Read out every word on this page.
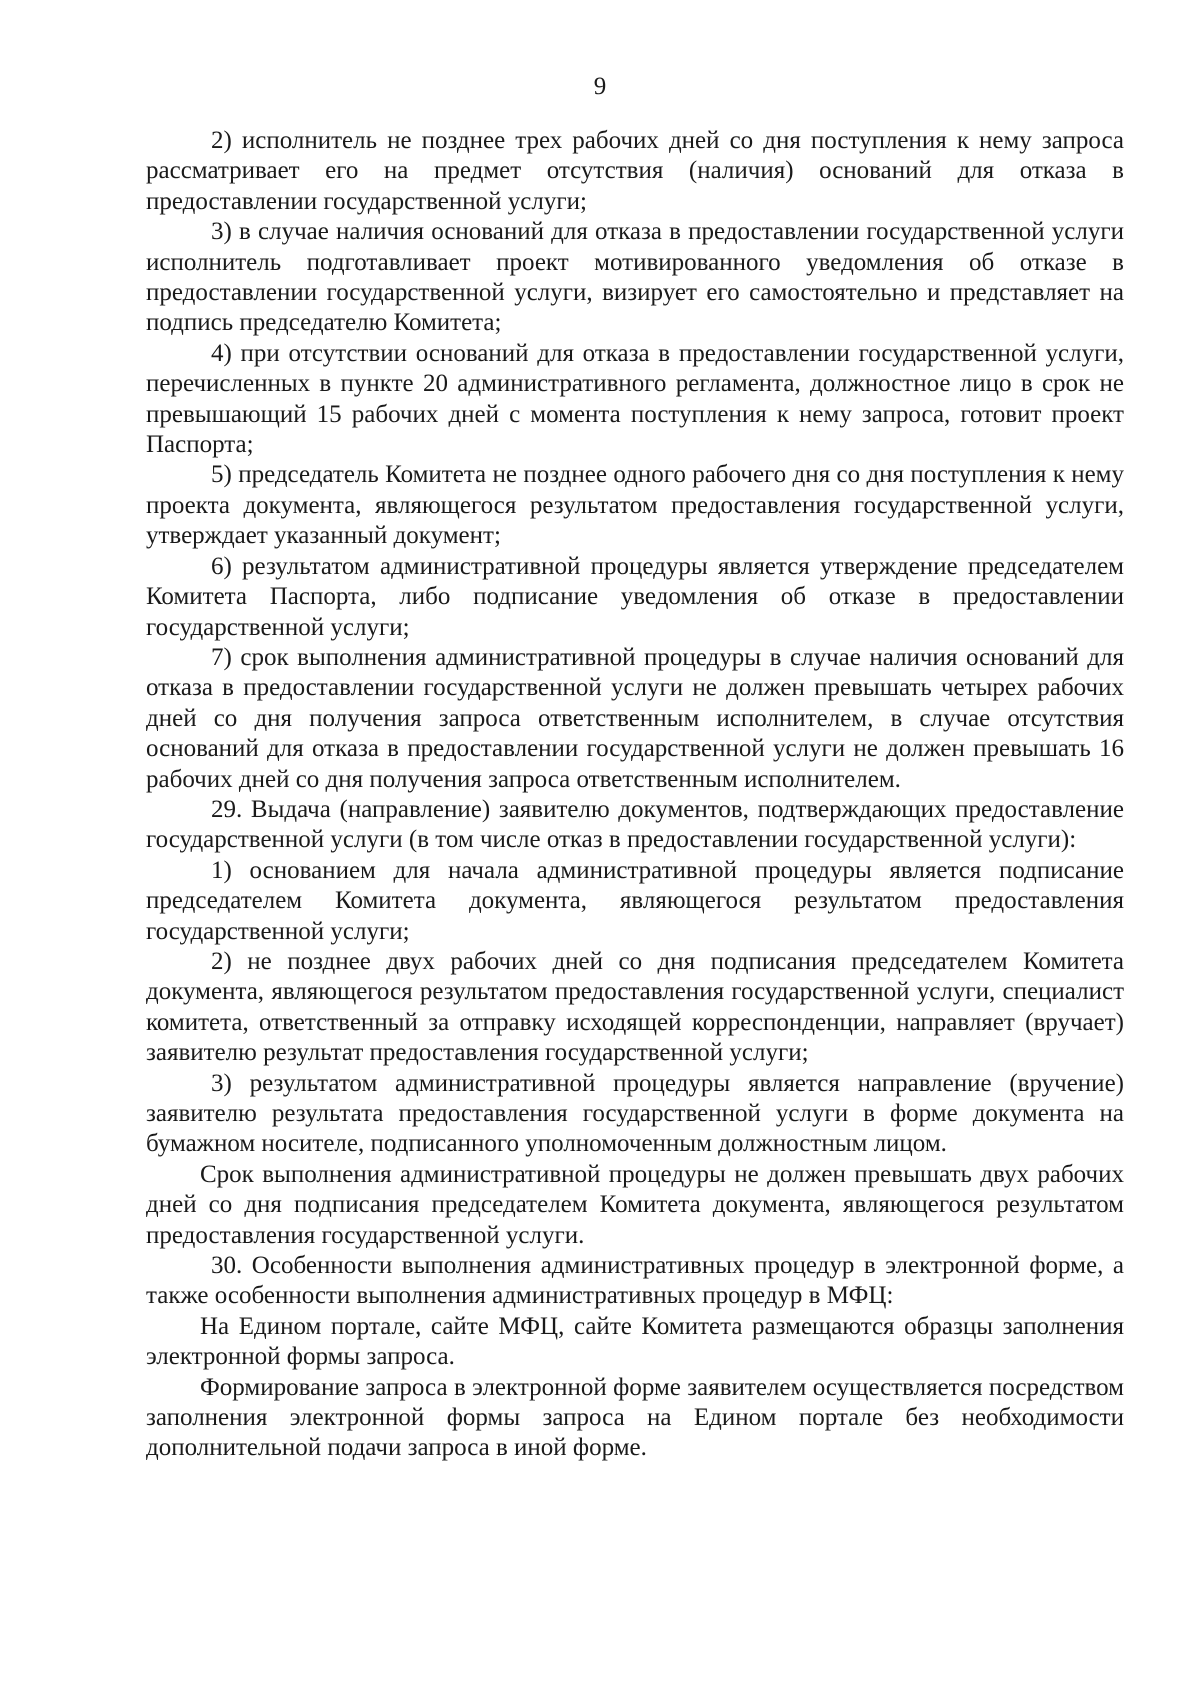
9

2) исполнитель не позднее трех рабочих дней со дня поступления к нему запроса рассматривает его на предмет отсутствия (наличия) оснований для отказа в предоставлении государственной услуги;

3) в случае наличия оснований для отказа в предоставлении государственной услуги исполнитель подготавливает проект мотивированного уведомления об отказе в предоставлении государственной услуги, визирует его самостоятельно и представляет на подпись председателю Комитета;

4) при отсутствии оснований для отказа в предоставлении государственной услуги, перечисленных в пункте 20 административного регламента, должностное лицо в срок не превышающий 15 рабочих дней с момента поступления к нему запроса, готовит проект Паспорта;

5) председатель Комитета не позднее одного рабочего дня со дня поступления к нему проекта документа, являющегося результатом предоставления государственной услуги, утверждает указанный документ;

6) результатом административной процедуры является утверждение председателем Комитета Паспорта, либо подписание уведомления об отказе в предоставлении государственной услуги;

7) срок выполнения административной процедуры в случае наличия оснований для отказа в предоставлении государственной услуги не должен превышать четырех рабочих дней со дня получения запроса ответственным исполнителем, в случае отсутствия оснований для отказа в предоставлении государственной услуги не должен превышать 16 рабочих дней со дня получения запроса ответственным исполнителем.

29. Выдача (направление) заявителю документов, подтверждающих предоставление государственной услуги (в том числе отказ в предоставлении государственной услуги):

1) основанием для начала административной процедуры является подписание председателем Комитета документа, являющегося результатом предоставления государственной услуги;

2) не позднее двух рабочих дней со дня подписания председателем Комитета документа, являющегося результатом предоставления государственной услуги, специалист комитета, ответственный за отправку исходящей корреспонденции, направляет (вручает) заявителю результат предоставления государственной услуги;

3) результатом административной процедуры является направление (вручение) заявителю результата предоставления государственной услуги в форме документа на бумажном носителе, подписанного уполномоченным должностным лицом.

Срок выполнения административной процедуры не должен превышать двух рабочих дней со дня подписания председателем Комитета документа, являющегося результатом предоставления государственной услуги.

30. Особенности выполнения административных процедур в электронной форме, а также особенности выполнения административных процедур в МФЦ:

На Едином портале, сайте МФЦ, сайте Комитета размещаются образцы заполнения электронной формы запроса.

Формирование запроса в электронной форме заявителем осуществляется посредством заполнения электронной формы запроса на Едином портале без необходимости дополнительной подачи запроса в иной форме.
